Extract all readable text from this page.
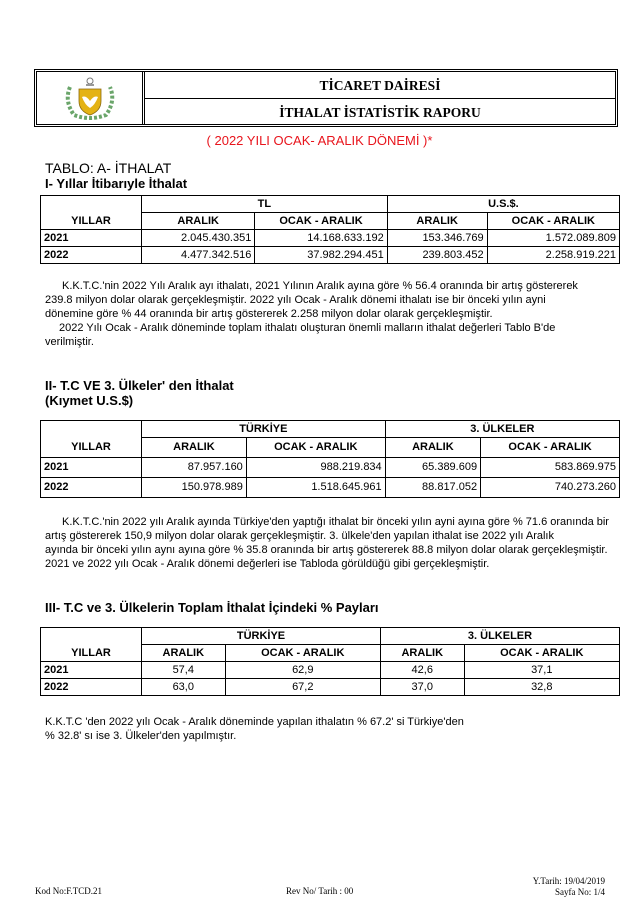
TİCARET DAİRESİ
İTHALAT İSTATİSTİK RAPORU
( 2022 YILI OCAK- ARALIK DÖNEMİ )*
TABLO: A- İTHALAT
I- Yıllar İtibarıyle İthalat
	TL		U.S.$.	
YILLAR	ARALIK	OCAK - ARALIK	ARALIK	OCAK - ARALIK
2021	2.045.430.351	14.168.633.192	153.346.769	1.572.089.809
2022	4.477.342.516	37.982.294.451	239.803.452	2.258.919.221
K.K.T.C.'nin 2022 Yılı Aralık ayı ithalatı, 2021 Yılının Aralık ayına göre % 56.4 oranında bir artış göstererek
239.8 milyon dolar olarak gerçekleşmiştir. 2022 yılı Ocak - Aralık dönemi ithalatı ise bir önceki yılın ayni
dönemine göre % 44 oranında bir artış göstererek 2.258 milyon dolar olarak gerçekleşmiştir.
2022 Yılı Ocak - Aralık döneminde toplam ithalatı oluşturan önemli malların ithalat değerleri Tablo B'de
verilmiştir.
II- T.C VE 3. Ülkeler' den İthalat
(Kıymet U.S.$)
	TÜRKİYE		3. ÜLKELER	
YILLAR	ARALIK	OCAK - ARALIK	ARALIK	OCAK - ARALIK
2021	87.957.160	988.219.834	65.389.609	583.869.975
2022	150.978.989	1.518.645.961	88.817.052	740.273.260
K.K.T.C.'nin 2022 yılı Aralık ayında Türkiye'den yaptığı ithalat bir önceki yılın ayni ayına göre % 71.6 oranında bir
artış göstererek 150,9 milyon dolar olarak gerçekleşmiştir. 3. ülkele'den yapılan ithalat ise 2022 yılı Aralık
ayında bir önceki yılın aynı ayına göre % 35.8 oranında bir artış göstererek 88.8 milyon dolar olarak gerçekleşmiştir.
2021 ve 2022 yılı Ocak - Aralık dönemi değerleri ise Tabloda görüldüğü gibi gerçekleşmiştir.
III- T.C ve 3. Ülkelerin Toplam İthalat İçindeki % Payları
	TÜRKİYE		3. ÜLKELER	
YILLAR	ARALIK	OCAK - ARALIK	ARALIK	OCAK - ARALIK
2021	57,4	62,9	42,6	37,1
2022	63,0	67,2	37,0	32,8
K.K.T.C 'den 2022 yılı Ocak - Aralık döneminde yapılan ithalatın % 67.2' si Türkiye'den
% 32.8' sı ise 3. Ülkeler'den yapılmıştır.
Kod No:F.TCD.21	Rev No/ Tarih : 00
Y.Tarih: 19/04/2019
Sayfa No: 1/4
